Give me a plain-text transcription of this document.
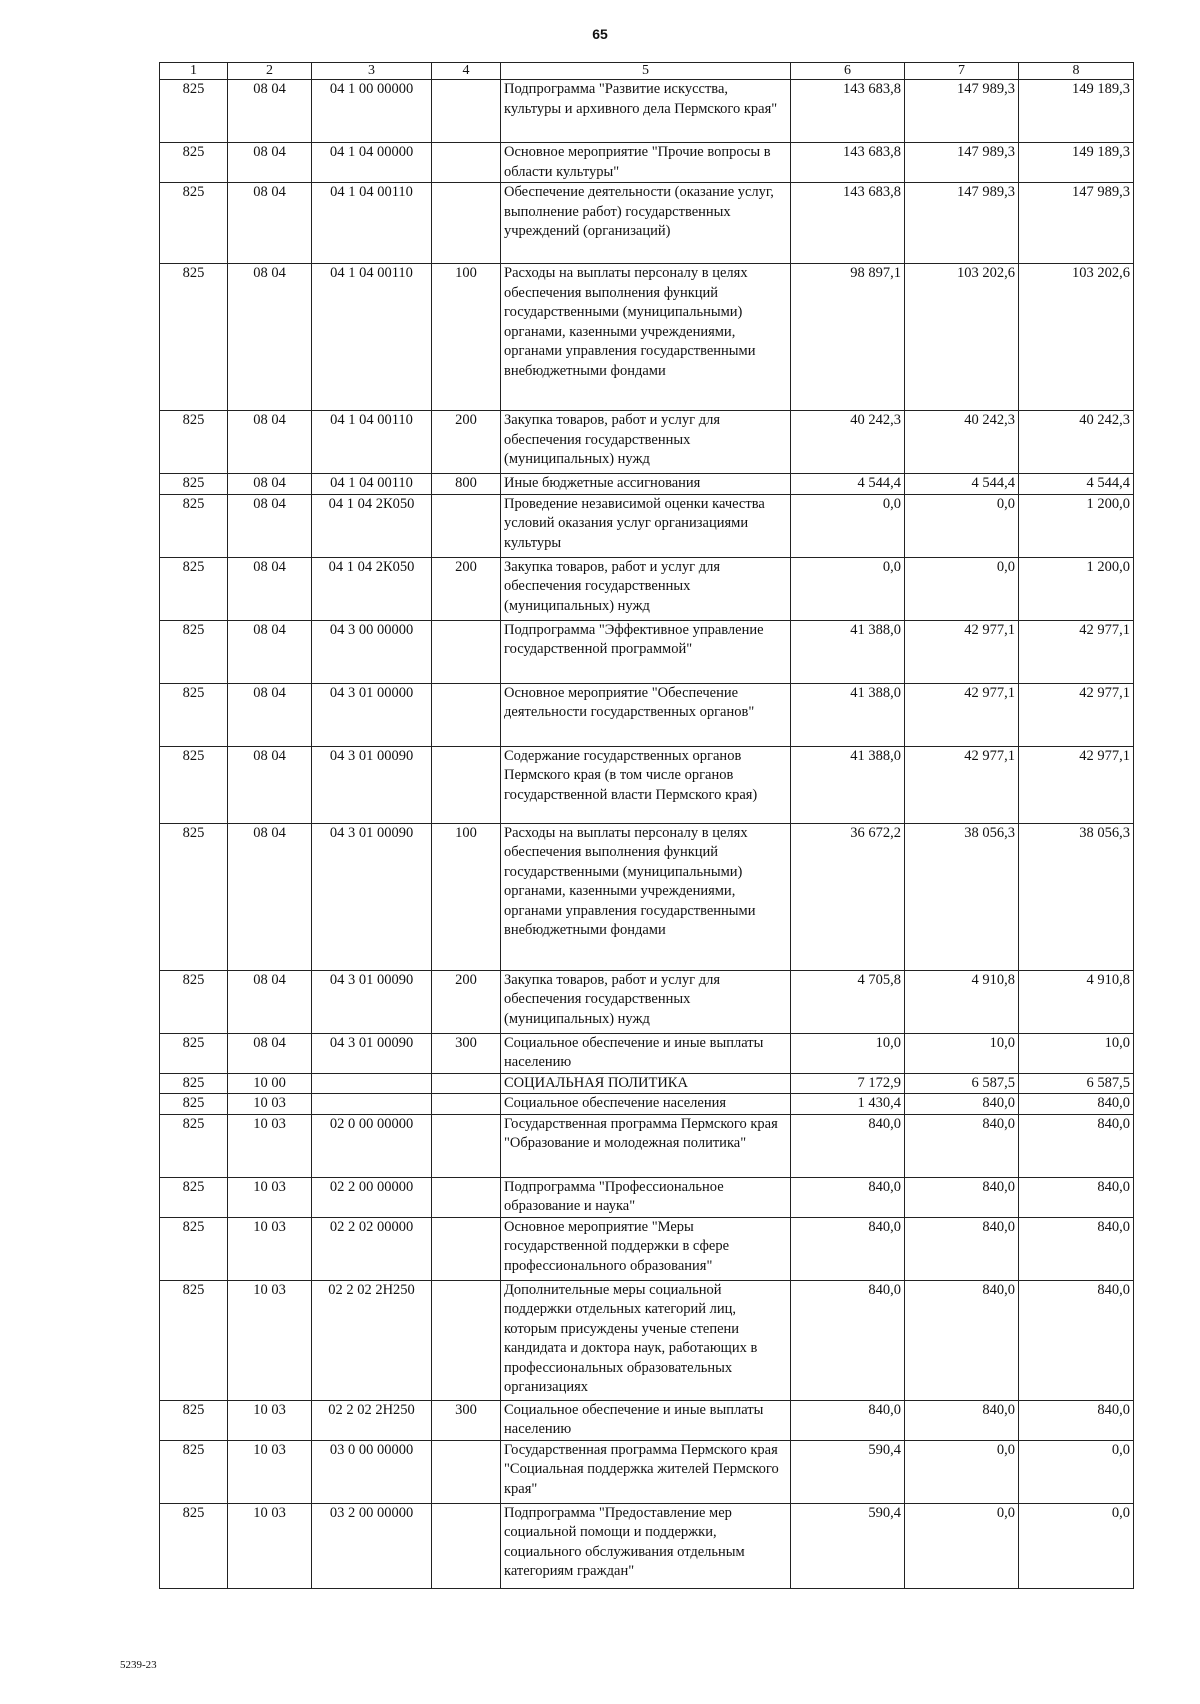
65
1	2	3	4	5	6	7	8
825	08 04	04 1 00 00000		Подпрограмма "Развитие искусства, культуры и архивного дела Пермского края"	143 683,8	147 989,3	149 189,3
825	08 04	04 1 04 00000		Основное мероприятие "Прочие вопросы в области культуры"	143 683,8	147 989,3	149 189,3
825	08 04	04 1 04 00110		Обеспечение деятельности (оказание услуг, выполнение работ) государственных учреждений (организаций)	143 683,8	147 989,3	147 989,3
825	08 04	04 1 04 00110	100	Расходы на выплаты персоналу в целях обеспечения выполнения функций государственными (муниципальными) органами, казенными учреждениями, органами управления государственными внебюджетными фондами	98 897,1	103 202,6	103 202,6
825	08 04	04 1 04 00110	200	Закупка товаров, работ и услуг для обеспечения государственных (муниципальных) нужд	40 242,3	40 242,3	40 242,3
825	08 04	04 1 04 00110	800	Иные бюджетные ассигнования	4 544,4	4 544,4	4 544,4
825	08 04	04 1 04 2К050		Проведение независимой оценки качества условий оказания услуг организациями культуры	0,0	0,0	1 200,0
825	08 04	04 1 04 2К050	200	Закупка товаров, работ и услуг для обеспечения государственных (муниципальных) нужд	0,0	0,0	1 200,0
825	08 04	04 3 00 00000		Подпрограмма "Эффективное управление государственной программой"	41 388,0	42 977,1	42 977,1
825	08 04	04 3 01 00000		Основное мероприятие "Обеспечение деятельности государственных органов"	41 388,0	42 977,1	42 977,1
825	08 04	04 3 01 00090		Содержание государственных органов Пермского края (в том числе органов государственной власти Пермского края)	41 388,0	42 977,1	42 977,1
825	08 04	04 3 01 00090	100	Расходы на выплаты персоналу в целях обеспечения выполнения функций государственными (муниципальными) органами, казенными учреждениями, органами управления государственными внебюджетными фондами	36 672,2	38 056,3	38 056,3
825	08 04	04 3 01 00090	200	Закупка товаров, работ и услуг для обеспечения государственных (муниципальных) нужд	4 705,8	4 910,8	4 910,8
825	08 04	04 3 01 00090	300	Социальное обеспечение и иные выплаты населению	10,0	10,0	10,0
825	10 00			СОЦИАЛЬНАЯ ПОЛИТИКА	7 172,9	6 587,5	6 587,5
825	10 03			Социальное обеспечение населения	1 430,4	840,0	840,0
825	10 03	02 0 00 00000		Государственная программа Пермского края "Образование и молодежная политика"	840,0	840,0	840,0
825	10 03	02 2 00 00000		Подпрограмма "Профессиональное образование и наука"	840,0	840,0	840,0
825	10 03	02 2 02 00000		Основное мероприятие "Меры государственной поддержки в сфере профессионального образования"	840,0	840,0	840,0
825	10 03	02 2 02 2Н250		Дополнительные меры социальной поддержки отдельных категорий лиц, которым присуждены ученые степени кандидата и доктора наук, работающих в профессиональных образовательных организациях	840,0	840,0	840,0
825	10 03	02 2 02 2Н250	300	Социальное обеспечение и иные выплаты населению	840,0	840,0	840,0
825	10 03	03 0 00 00000		Государственная программа Пермского края "Социальная поддержка жителей Пермского края"	590,4	0,0	0,0
825	10 03	03 2 00 00000		Подпрограмма "Предоставление мер социальной помощи и поддержки, социального обслуживания отдельным категориям граждан"	590,4	0,0	0,0
5239-23
